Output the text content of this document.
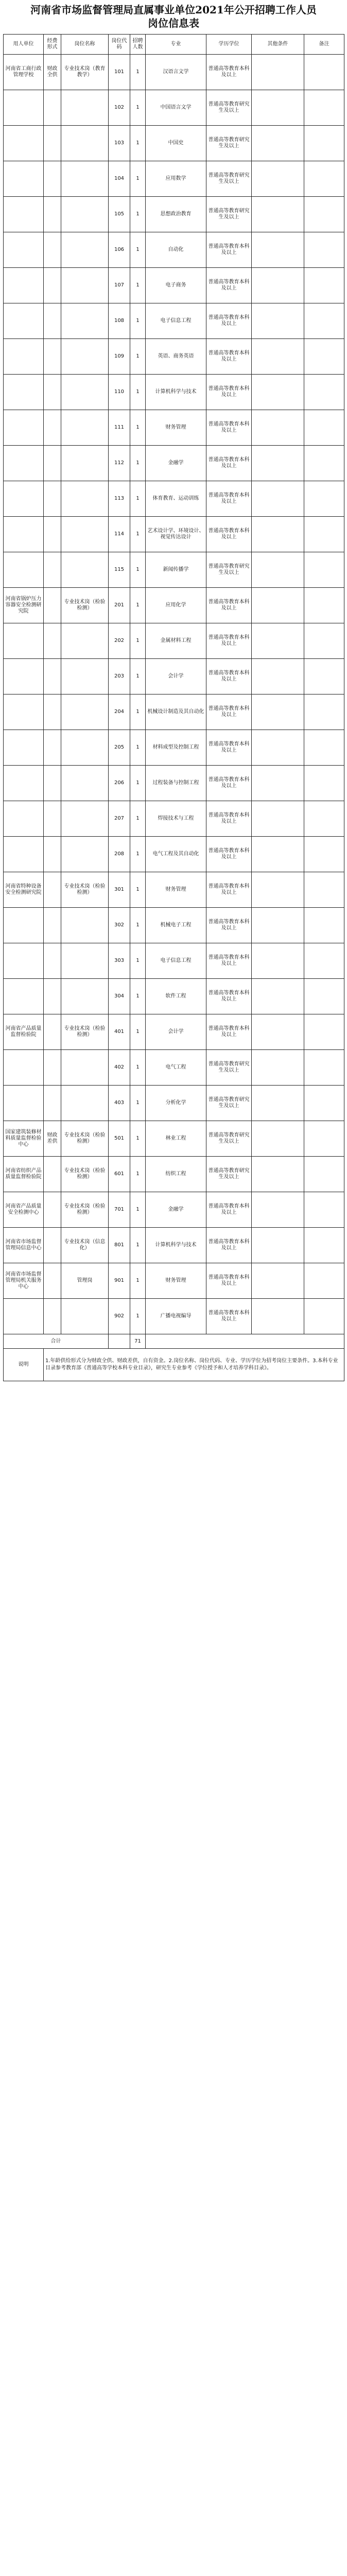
河南省市场监督管理局直属事业单位2021年公开招聘工作人员
岗位信息表
用人单位	经费形式	岗位名称	岗位代码	招聘人数	专业	学历学位	其他条件	备注
河南省工商行政管理学校	财政全供	专业技术岗（教育教学）	101	1	汉语言文学	普通高等教育本科及以上		
			102	1	中国语言文学	普通高等教育研究生及以上		
			103	1	中国史	普通高等教育研究生及以上		
			104	1	应用数学	普通高等教育研究生及以上		
			105	1	思想政治教育	普通高等教育研究生及以上		
			106	1	自动化	普通高等教育本科及以上		
			107	1	电子商务	普通高等教育本科及以上		
			108	1	电子信息工程	普通高等教育本科及以上		
			109	1	英语、商务英语	普通高等教育本科及以上		
			110	1	计算机科学与技术	普通高等教育本科及以上		
			111	1	财务管理	普通高等教育本科及以上		
			112	1	金融学	普通高等教育本科及以上		
			113	1	体育教育、运动训练	普通高等教育本科及以上		
			114	1	艺术设计学、环境设计、视觉传达设计	普通高等教育本科及以上		
			115	1	新闻传播学	普通高等教育研究生及以上		
河南省锅炉压力容器安全检测研究院		专业技术岗（检验检测）	201	1	应用化学	普通高等教育本科及以上		
			202	1	金属材料工程	普通高等教育本科及以上		
			203	1	会计学	普通高等教育本科及以上		
			204	1	机械设计制造及其自动化	普通高等教育本科及以上		
			205	1	材料成型及控制工程	普通高等教育本科及以上		
			206	1	过程装备与控制工程	普通高等教育本科及以上		
			207	1	焊接技术与工程	普通高等教育本科及以上		
			208	1	电气工程及其自动化	普通高等教育本科及以上		
河南省特种设备安全检测研究院		专业技术岗（检验检测）	301	1	财务管理	普通高等教育本科及以上		
			302	1	机械电子工程	普通高等教育本科及以上		
			303	1	电子信息工程	普通高等教育本科及以上		
			304	1	软件工程	普通高等教育本科及以上		
河南省产品质量监督检验院		专业技术岗（检验检测）	401	1	会计学	普通高等教育本科及以上		
			402	1	电气工程	普通高等教育研究生及以上		
			403	1	分析化学	普通高等教育研究生及以上		
国家建筑装修材料质量监督检验中心	财政差供	专业技术岗（检验检测）	501	1	林业工程	普通高等教育研究生及以上		
河南省纺织产品质量监督检验院		专业技术岗（检验检测）	601	1	纺织工程	普通高等教育研究生及以上		
河南省产品质量安全检测中心		专业技术岗（检验检测）	701	1	金融学	普通高等教育本科及以上		
河南省市场监督管理局信息中心		专业技术岗（信息化）	801	1	计算机科学与技术	普通高等教育本科及以上		
河南省市场监督管理局机关服务中心		管理岗	901	1	财务管理	普通高等教育本科及以上		
			902	1	广播电视编导	普通高等教育本科及以上		
合计				71				
说明	1.年龄供给形式分为财政全供、财政差供，自有资金。2.岗位名称、岗位代码、专业、学历学位为招考岗位主要条件。3.本科专业目录参考教育部《普通高等学校本科专业目录》，研究生专业参考《学位授予和人才培养学科目录》。							
